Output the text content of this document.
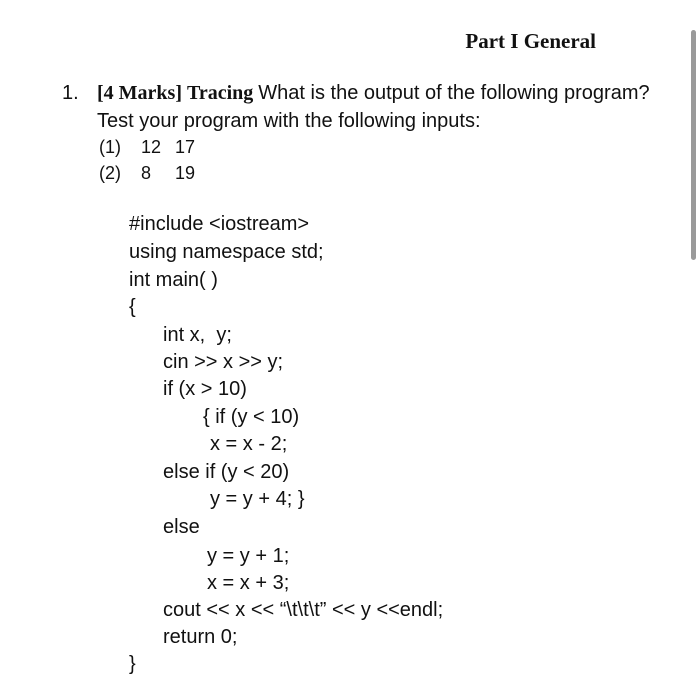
Part I General
1. [4 Marks] Tracing What is the output of the following program?
Test your program with the following inputs:
(1) 12 17
(2) 8 19
#include <iostream>
using namespace std;
int main( )
{
int x,  y;
cin >> x >> y;
if (x > 10)
{ if (y < 10)
x = x - 2;
else if (y < 20)
y = y + 4; }
else
y = y + 1;
x = x + 3;
cout << x << “\t\t\t” << y <<endl;
return 0;
}
